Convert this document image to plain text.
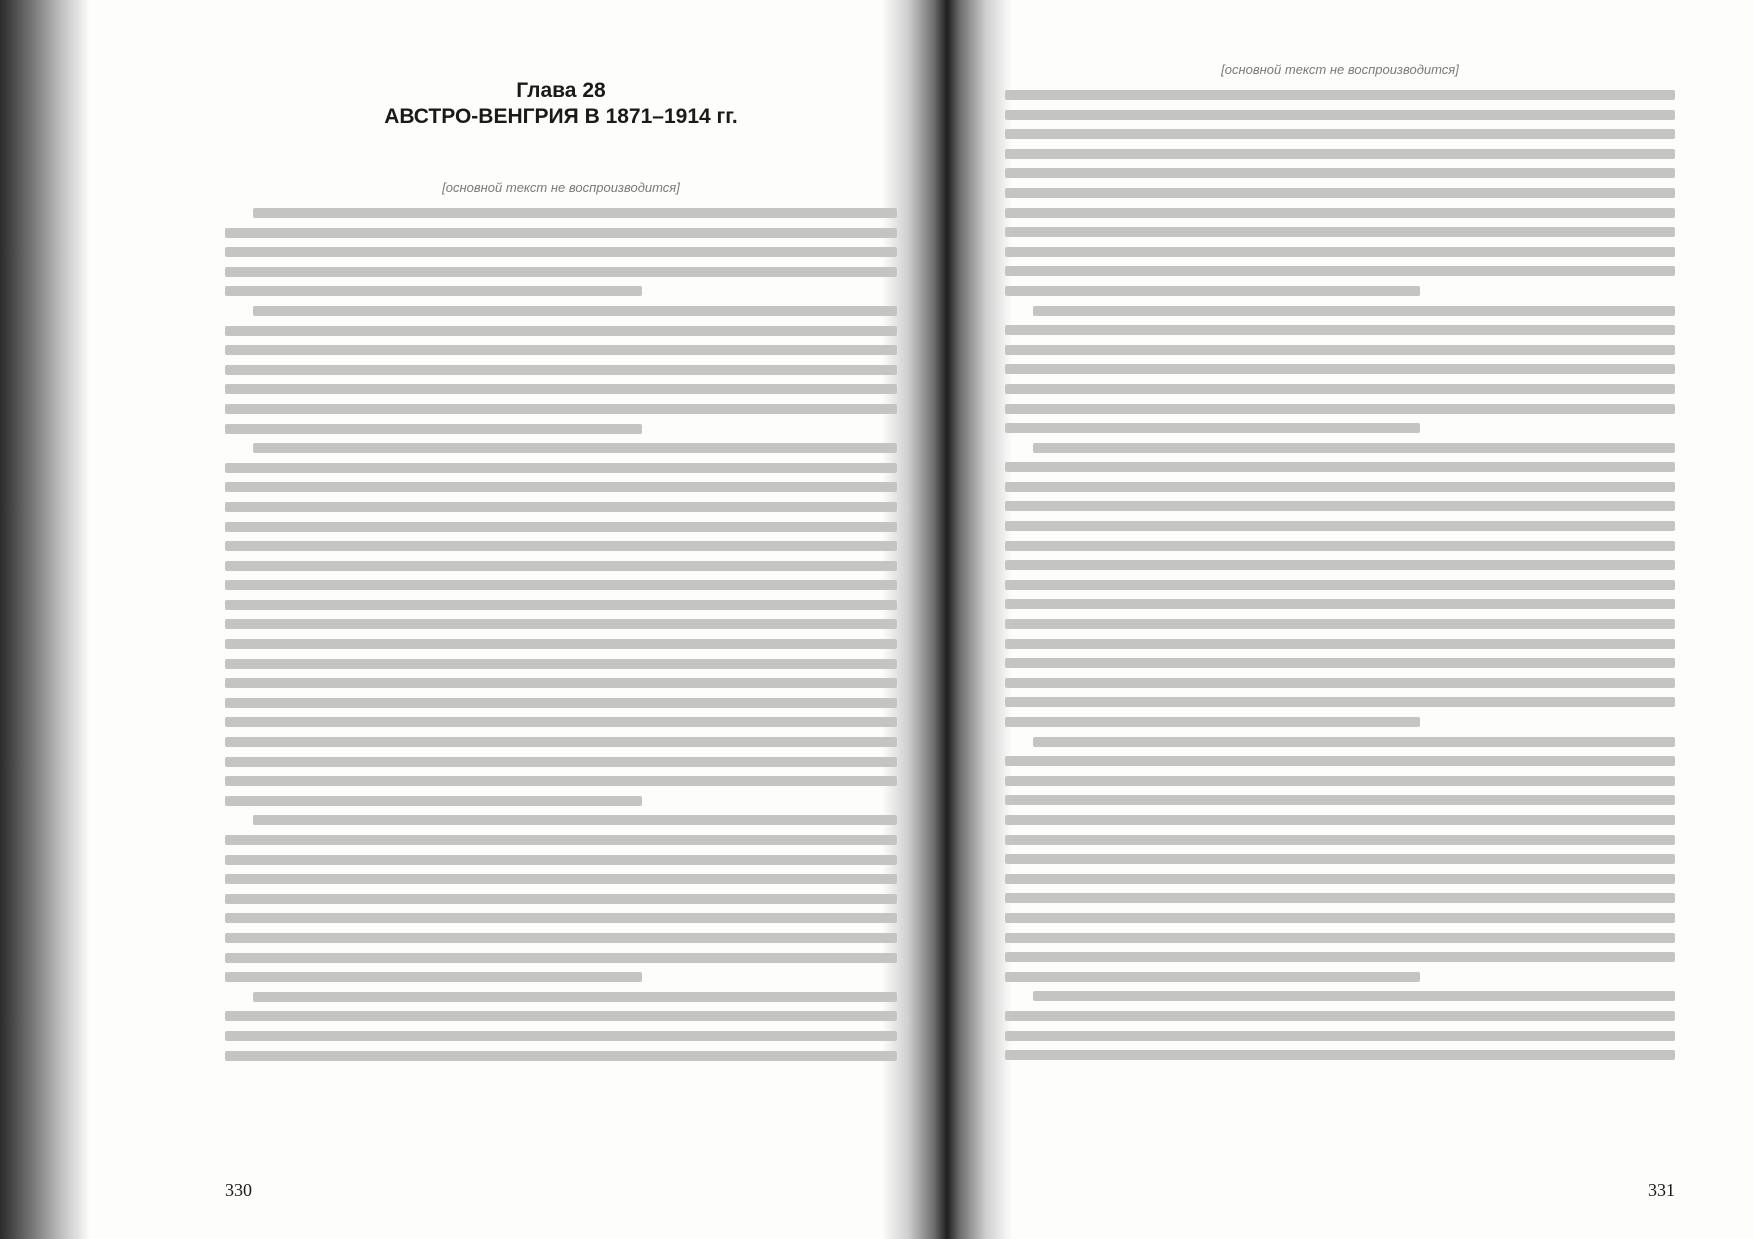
Глава 28
АВСТРО-ВЕНГРИЯ В 1871–1914 гг.
[основной текст не воспроизводится]
330
[основной текст не воспроизводится]
331
